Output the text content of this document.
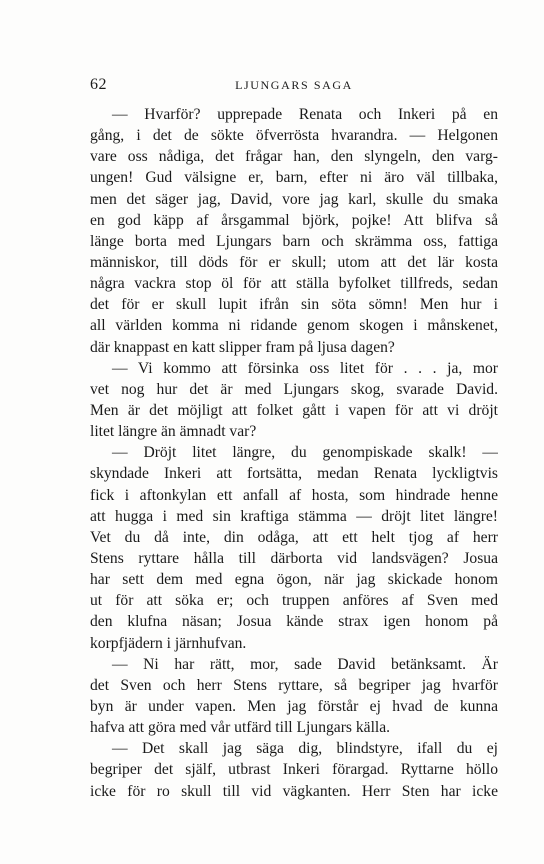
62	LJUNGARS SAGA
— Hvarför? upprepade Renata och Inkeri på en
gång, i det de sökte öfverrösta hvarandra. — Helgonen
vare oss nådiga, det frågar han, den slyngeln, den varg-
ungen! Gud välsigne er, barn, efter ni äro väl tillbaka,
men det säger jag, David, vore jag karl, skulle du smaka
en god käpp af årsgammal björk, pojke! Att blifva så
länge borta med Ljungars barn och skrämma oss, fattiga
människor, till döds för er skull; utom att det lär kosta
några vackra stop öl för att ställa byfolket tillfreds, sedan
det för er skull lupit ifrån sin söta sömn! Men hur i
all världen komma ni ridande genom skogen i månskenet,
där knappast en katt slipper fram på ljusa dagen?
— Vi kommo att försinka oss litet för . . . ja, mor
vet nog hur det är med Ljungars skog, svarade David.
Men är det möjligt att folket gått i vapen för att vi dröjt
litet längre än ämnadt var?
— Dröjt litet längre, du genompiskade skalk! —
skyndade Inkeri att fortsätta, medan Renata lyckligtvis
fick i aftonkylan ett anfall af hosta, som hindrade henne
att hugga i med sin kraftiga stämma — dröjt litet längre!
Vet du då inte, din odåga, att ett helt tjog af herr
Stens ryttare hålla till därborta vid landsvägen? Josua
har sett dem med egna ögon, när jag skickade honom
ut för att söka er; och truppen anföres af Sven med
den klufna näsan; Josua kände strax igen honom på
korpfjädern i järnhufvan.
— Ni har rätt, mor, sade David betänksamt. Är
det Sven och herr Stens ryttare, så begriper jag hvarför
byn är under vapen. Men jag förstår ej hvad de kunna
hafva att göra med vår utfärd till Ljungars källa.
— Det skall jag säga dig, blindstyre, ifall du ej
begriper det själf, utbrast Inkeri förargad. Ryttarne höllo
icke för ro skull till vid vägkanten. Herr Sten har icke
